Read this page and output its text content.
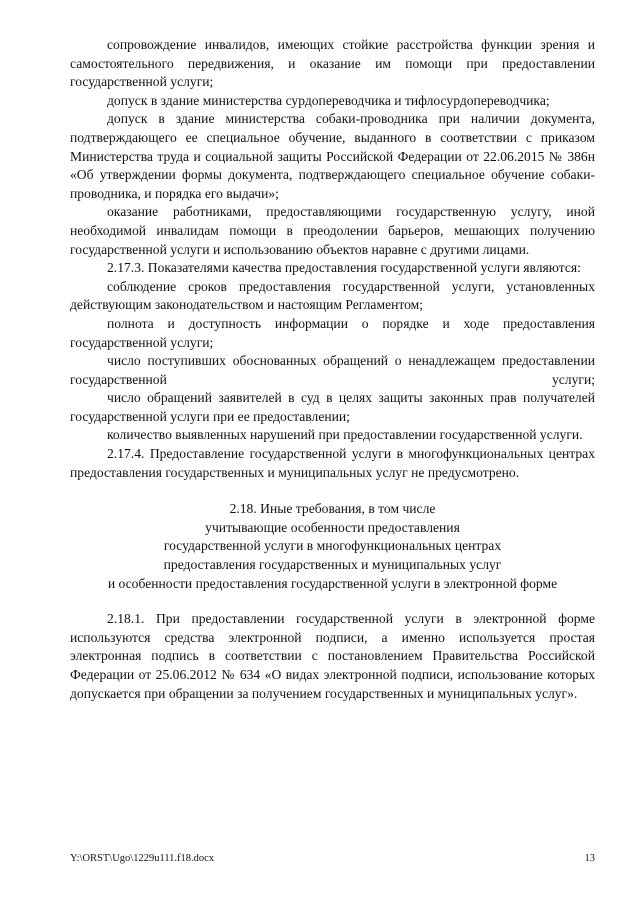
сопровождение инвалидов, имеющих стойкие расстройства функции зрения и самостоятельного передвижения, и оказание им помощи при предоставлении государственной услуги;

допуск в здание министерства сурдопереводчика и тифлосурдопереводчика;

допуск в здание министерства собаки-проводника при наличии документа, подтверждающего ее специальное обучение, выданного в соответствии с приказом Министерства труда и социальной защиты Российской Федерации от 22.06.2015 № 386н «Об утверждении формы документа, подтверждающего специальное обучение собаки-проводника, и порядка его выдачи»;

оказание работниками, предоставляющими государственную услугу, иной необходимой инвалидам помощи в преодолении барьеров, мешающих получению государственной услуги и использованию объектов наравне с другими лицами.

2.17.3. Показателями качества предоставления государственной услуги являются:

соблюдение сроков предоставления государственной услуги, установленных действующим законодательством и настоящим Регламентом;

полнота и доступность информации о порядке и ходе предоставления государственной услуги;

число поступивших обоснованных обращений о ненадлежащем предоставлении государственной услуги;

число обращений заявителей в суд в целях защиты законных прав получателей государственной услуги при ее предоставлении;

количество выявленных нарушений при предоставлении государственной услуги.

2.17.4. Предоставление государственной услуги в многофункциональных центрах предоставления государственных и муниципальных услуг не предусмотрено.

2.18. Иные требования, в том числе

учитывающие особенности предоставления

государственной услуги в многофункциональных центрах

предоставления государственных и муниципальных услуг

и особенности предоставления государственной услуги в электронной форме

2.18.1. При предоставлении государственной услуги в электронной форме используются средства электронной подписи, а именно используется простая электронная подпись в соответствии с постановлением Правительства Российской Федерации от 25.06.2012 № 634 «О видах электронной подписи, использование которых допускается при обращении за получением государственных и муниципальных услуг».

Y:\ORST\Ugo\1229u111.f18.docx	13
